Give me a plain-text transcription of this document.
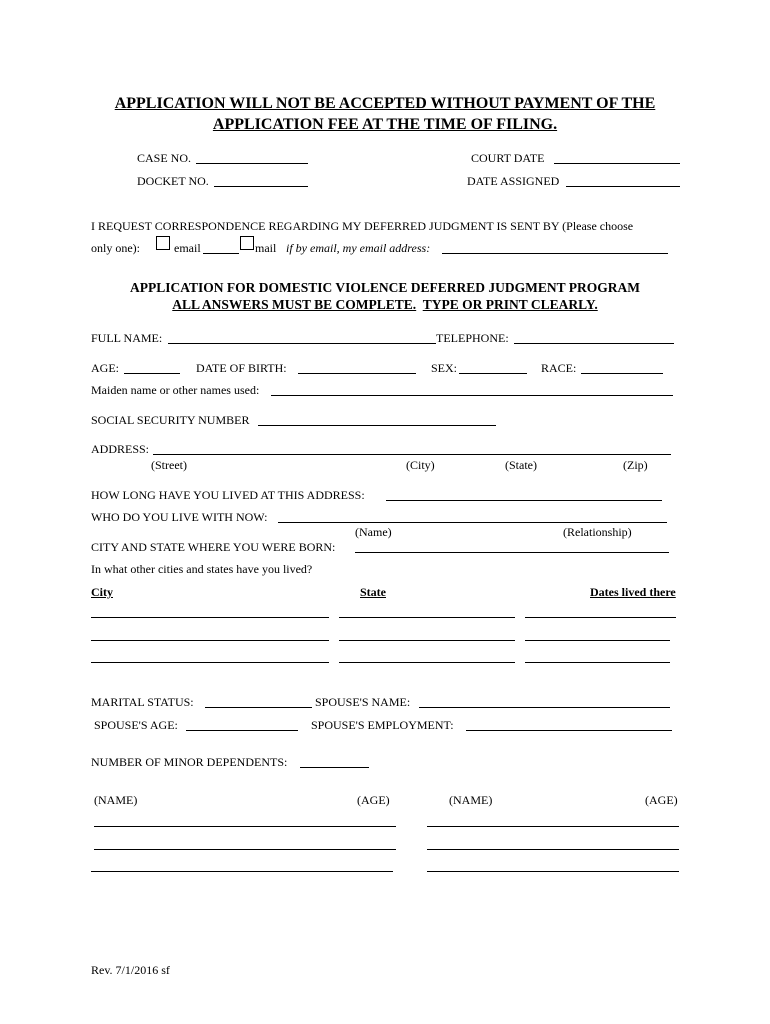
APPLICATION WILL NOT BE ACCEPTED WITHOUT PAYMENT OF THE
APPLICATION FEE AT THE TIME OF FILING.
CASE NO.	COURT DATE
DOCKET NO.	DATE ASSIGNED
I REQUEST CORRESPONDENCE REGARDING MY DEFERRED JUDGMENT IS SENT BY (Please choose
only one):	email	mail if by email, my email address:
APPLICATION FOR DOMESTIC VIOLENCE DEFERRED JUDGMENT PROGRAM
ALL ANSWERS MUST BE COMPLETE. TYPE OR PRINT CLEARLY.
FULL NAME:	TELEPHONE:
AGE:	DATE OF BIRTH:	SEX:	RACE:
Maiden name or other names used:
SOCIAL SECURITY NUMBER
ADDRESS:
(Street)	(City)	(State)	(Zip)
HOW LONG HAVE YOU LIVED AT THIS ADDRESS:
WHO DO YOU LIVE WITH NOW:
(Name)	(Relationship)
CITY AND STATE WHERE YOU WERE BORN:
In what other cities and states have you lived?
City	State	Dates lived there
MARITAL STATUS:	SPOUSE'S NAME:
SPOUSE'S AGE:	SPOUSE'S EMPLOYMENT:
NUMBER OF MINOR DEPENDENTS:
(NAME)	(AGE)	(NAME)	(AGE)
Rev. 7/1/2016 sf
